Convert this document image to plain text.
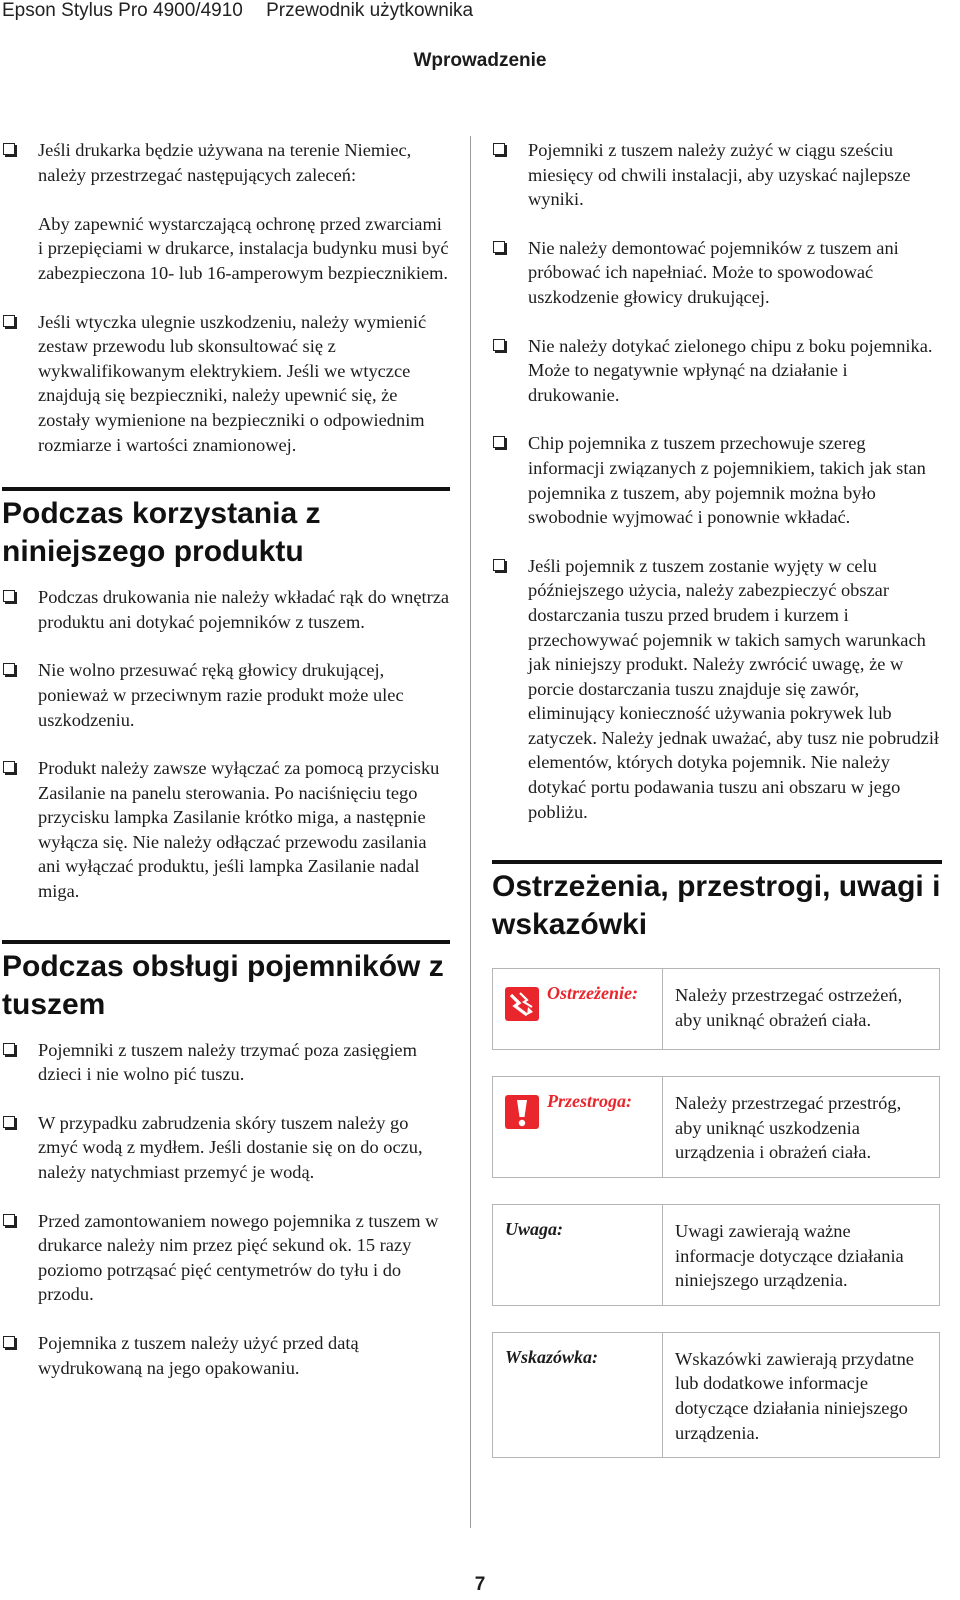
Epson Stylus Pro 4900/4910 Przewodnik użytkownika
Wprowadzenie

Jeśli drukarka będzie używana na terenie Niemiec, należy przestrzegać następujących zaleceń:

Aby zapewnić wystarczającą ochronę przed zwarciami i przepięciami w drukarce, instalacja budynku musi być zabezpieczona 10- lub 16-amperowym bezpiecznikiem.

Jeśli wtyczka ulegnie uszkodzeniu, należy wymienić zestaw przewodu lub skonsultować się z wykwalifikowanym elektrykiem. Jeśli we wtyczce znajdują się bezpieczniki, należy upewnić się, że zostały wymienione na bezpieczniki o odpowiednim rozmiarze i wartości znamionowej.

Podczas korzystania z niniejszego produktu

Podczas drukowania nie należy wkładać rąk do wnętrza produktu ani dotykać pojemników z tuszem.

Nie wolno przesuwać ręką głowicy drukującej, ponieważ w przeciwnym razie produkt może ulec uszkodzeniu.

Produkt należy zawsze wyłączać za pomocą przycisku Zasilanie na panelu sterowania. Po naciśnięciu tego przycisku lampka Zasilanie krótko miga, a następnie wyłącza się. Nie należy odłączać przewodu zasilania ani wyłączać produktu, jeśli lampka Zasilanie nadal miga.

Podczas obsługi pojemników z tuszem

Pojemniki z tuszem należy trzymać poza zasięgiem dzieci i nie wolno pić tuszu.

W przypadku zabrudzenia skóry tuszem należy go zmyć wodą z mydłem. Jeśli dostanie się on do oczu, należy natychmiast przemyć je wodą.

Przed zamontowaniem nowego pojemnika z tuszem w drukarce należy nim przez pięć sekund ok. 15 razy poziomo potrząsać pięć centymetrów do tyłu i do przodu.

Pojemnika z tuszem należy użyć przed datą wydrukowaną na jego opakowaniu.

Pojemniki z tuszem należy zużyć w ciągu sześciu miesięcy od chwili instalacji, aby uzyskać najlepsze wyniki.

Nie należy demontować pojemników z tuszem ani próbować ich napełniać. Może to spowodować uszkodzenie głowicy drukującej.

Nie należy dotykać zielonego chipu z boku pojemnika. Może to negatywnie wpłynąć na działanie i drukowanie.

Chip pojemnika z tuszem przechowuje szereg informacji związanych z pojemnikiem, takich jak stan pojemnika z tuszem, aby pojemnik można było swobodnie wyjmować i ponownie wkładać.

Jeśli pojemnik z tuszem zostanie wyjęty w celu późniejszego użycia, należy zabezpieczyć obszar dostarczania tuszu przed brudem i kurzem i przechowywać pojemnik w takich samych warunkach jak niniejszy produkt. Należy zwrócić uwagę, że w porcie dostarczania tuszu znajduje się zawór, eliminujący konieczność używania pokrywek lub zatyczek. Należy jednak uważać, aby tusz nie pobrudził elementów, których dotyka pojemnik. Nie należy dotykać portu podawania tuszu ani obszaru w jego pobliżu.

Ostrzeżenia, przestrogi, uwagi i wskazówki
Ostrzeżenie:	Należy przestrzegać ostrzeżeń, aby uniknąć obrażeń ciała.
Przestroga:	Należy przestrzegać przestróg, aby uniknąć uszkodzenia urządzenia i obrażeń ciała.
Uwaga:	Uwagi zawierają ważne informacje dotyczące działania niniejszego urządzenia.
Wskazówka:	Wskazówki zawierają przydatne lub dodatkowe informacje dotyczące działania niniejszego urządzenia.
7
